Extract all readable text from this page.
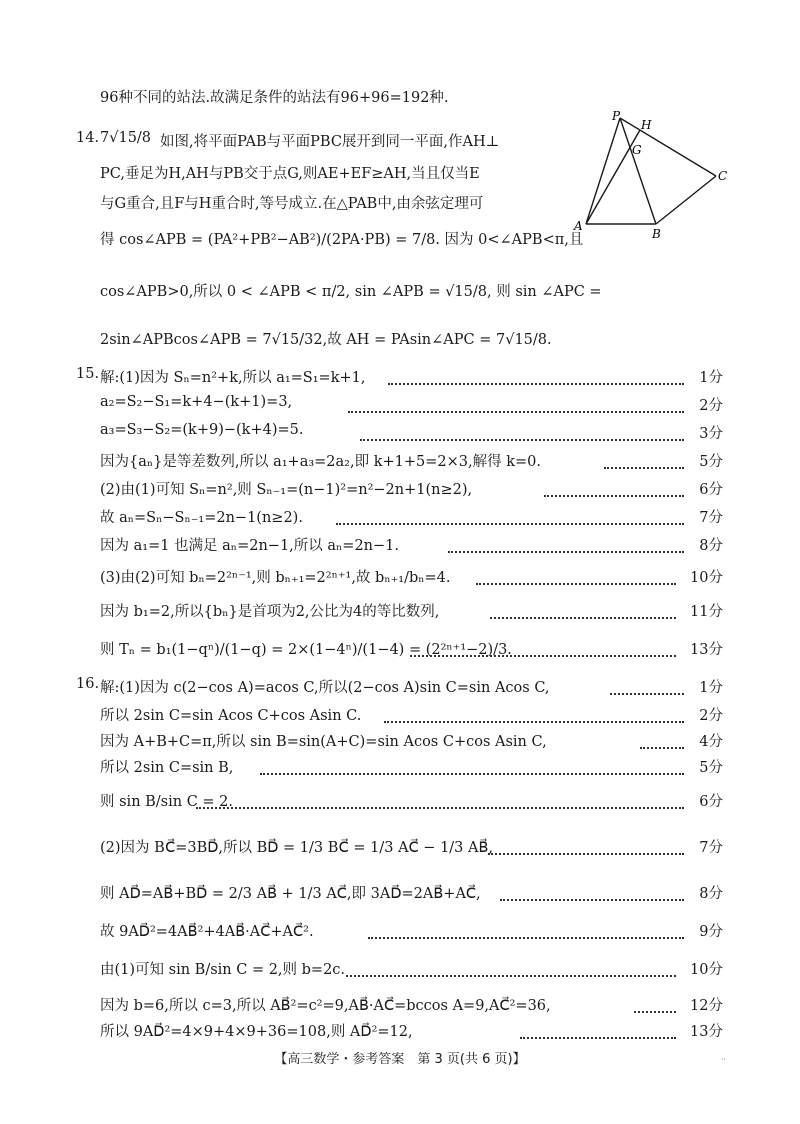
96种不同的站法.故满足条件的站法有96+96=192种.
14. 7√15/8 如图,将平面PAB与平面PBC展开到同一平面,作AH⊥
PC,垂足为H,AH与PB交于点G,则AE+EF≥AH,当且仅当E
与G重合,且F与H重合时,等号成立.在△PAB中,由余弦定理可
得 cos∠APB = (PA²+PB²−AB²)/(2PA·PB) = 7/8. 因为 0<∠APB<π,且
cos∠APB>0,所以 0 < ∠APB < π/2, sin ∠APB = √15/8, 则 sin ∠APC =
2sin∠APBcos∠APB = 7√15/32,故 AH = PAsin∠APC = 7√15/8.
P
H
G
C
A
B
15. 解:(1)因为 Sₙ=n²+k,所以 a₁=S₁=k+1,	1分
a₂=S₂−S₁=k+4−(k+1)=3,	2分
a₃=S₃−S₂=(k+9)−(k+4)=5.	3分
因为{aₙ}是等差数列,所以 a₁+a₃=2a₂,即 k+1+5=2×3,解得 k=0.	5分
(2)由(1)可知 Sₙ=n²,则 Sₙ₋₁=(n−1)²=n²−2n+1(n≥2),	6分
故 aₙ=Sₙ−Sₙ₋₁=2n−1(n≥2).	7分
因为 a₁=1 也满足 aₙ=2n−1,所以 aₙ=2n−1.	8分
(3)由(2)可知 bₙ=2²ⁿ⁻¹,则 bₙ₊₁=2²ⁿ⁺¹,故 bₙ₊₁/bₙ=4.	10分
因为 b₁=2,所以{bₙ}是首项为2,公比为4的等比数列,	11分
则 Tₙ = b₁(1−qⁿ)/(1−q) = 2×(1−4ⁿ)/(1−4) = (2²ⁿ⁺¹−2)/3.	13分
16. 解:(1)因为 c(2−cos A)=acos C,所以(2−cos A)sin C=sin Acos C,	1分
所以 2sin C=sin Acos C+cos Asin C.	2分
因为 A+B+C=π,所以 sin B=sin(A+C)=sin Acos C+cos Asin C,	4分
所以 2sin C=sin B,	5分
则 sin B/sin C = 2.	6分
(2)因为 BC⃗=3BD⃗,所以 BD⃗ = 1/3 BC⃗ = 1/3 AC⃗ − 1/3 AB⃗,	7分
则 AD⃗=AB⃗+BD⃗ = 2/3 AB⃗ + 1/3 AC⃗,即 3AD⃗=2AB⃗+AC⃗,	8分
故 9AD⃗²=4AB⃗²+4AB⃗·AC⃗+AC⃗².	9分
由(1)可知 sin B/sin C = 2,则 b=2c.	10分
因为 b=6,所以 c=3,所以 AB⃗²=c²=9,AB⃗·AC⃗=bccos A=9,AC⃗²=36,	12分
所以 9AD⃗²=4×9+4×9+36=108,则 AD⃗²=12,	13分
【高三数学・参考答案　第 3 页(共 6 页)】	··
